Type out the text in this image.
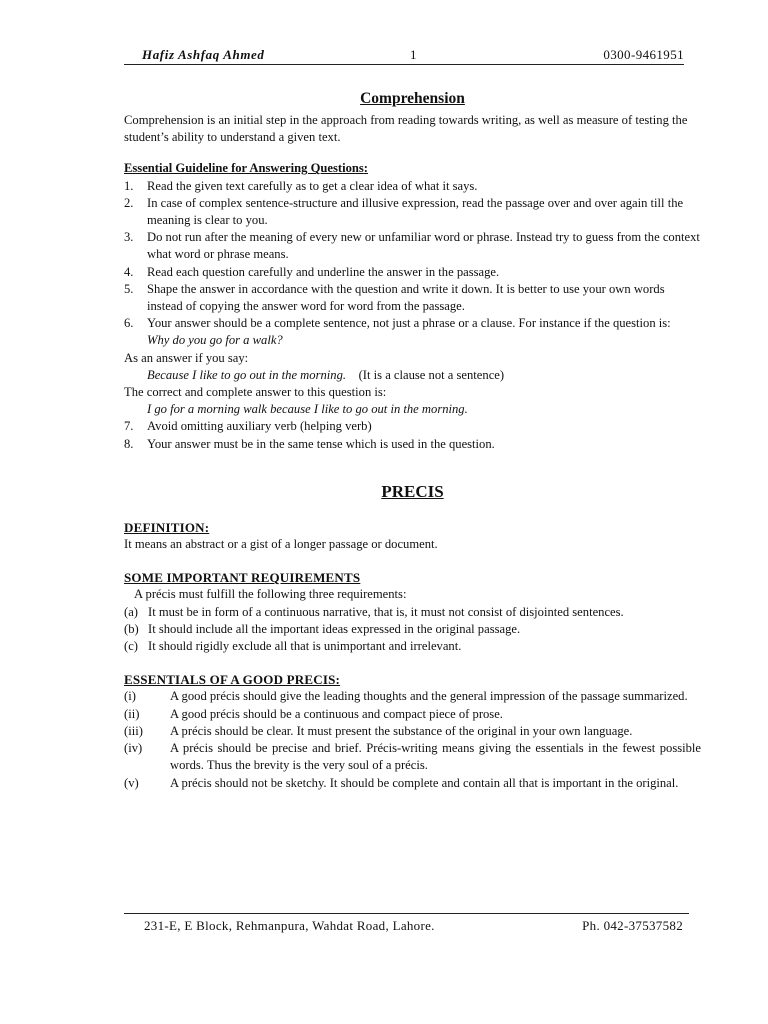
Hafiz Ashfaq Ahmed	1	0300-9461951
Comprehension

Comprehension is an initial step in the approach from reading towards writing, as well as measure of testing the student’s ability to understand a given text.

Essential Guideline for Answering Questions:

1. Read the given text carefully as to get a clear idea of what it says.
2. In case of complex sentence-structure and illusive expression, read the passage over and over again till the meaning is clear to you.
3. Do not run after the meaning of every new or unfamiliar word or phrase. Instead try to guess from the context what word or phrase means.
4. Read each question carefully and underline the answer in the passage.
5. Shape the answer in accordance with the question and write it down. It is better to use your own words instead of copying the answer word for word from the passage.
6. Your answer should be a complete sentence, not just a phrase or a clause. For instance if the question is:

Why do you go for a walk?

As an answer if you say:

Because I like to go out in the morning. (It is a clause not a sentence)

The correct and complete answer to this question is:

I go for a morning walk because I like to go out in the morning.

7. Avoid omitting auxiliary verb (helping verb)
8. Your answer must be in the same tense which is used in the question.
PRECIS

DEFINITION:

It means an abstract or a gist of a longer passage or document.

SOME IMPORTANT REQUIREMENTS

A précis must fulfill the following three requirements:

(a) It must be in form of a continuous narrative, that is, it must not consist of disjointed sentences.
(b) It should include all the important ideas expressed in the original passage.
(c) It should rigidly exclude all that is unimportant and irrelevant.

ESSENTIALS OF A GOOD PRECIS:

(i)	A good précis should give the leading thoughts and the general impression of the passage summarized.
(ii) A good précis should be a continuous and compact piece of prose.
(iii) A précis should be clear. It must present the substance of the original in your own language.
(iv) A précis should be precise and brief. Précis-writing means giving the essentials in the fewest possible words. Thus the brevity is the very soul of a précis.
(v) A précis should not be sketchy. It should be complete and contain all that is important in the original.
231-E, E Block, Rehmanpura, Wahdat Road, Lahore.	Ph. 042-37537582
